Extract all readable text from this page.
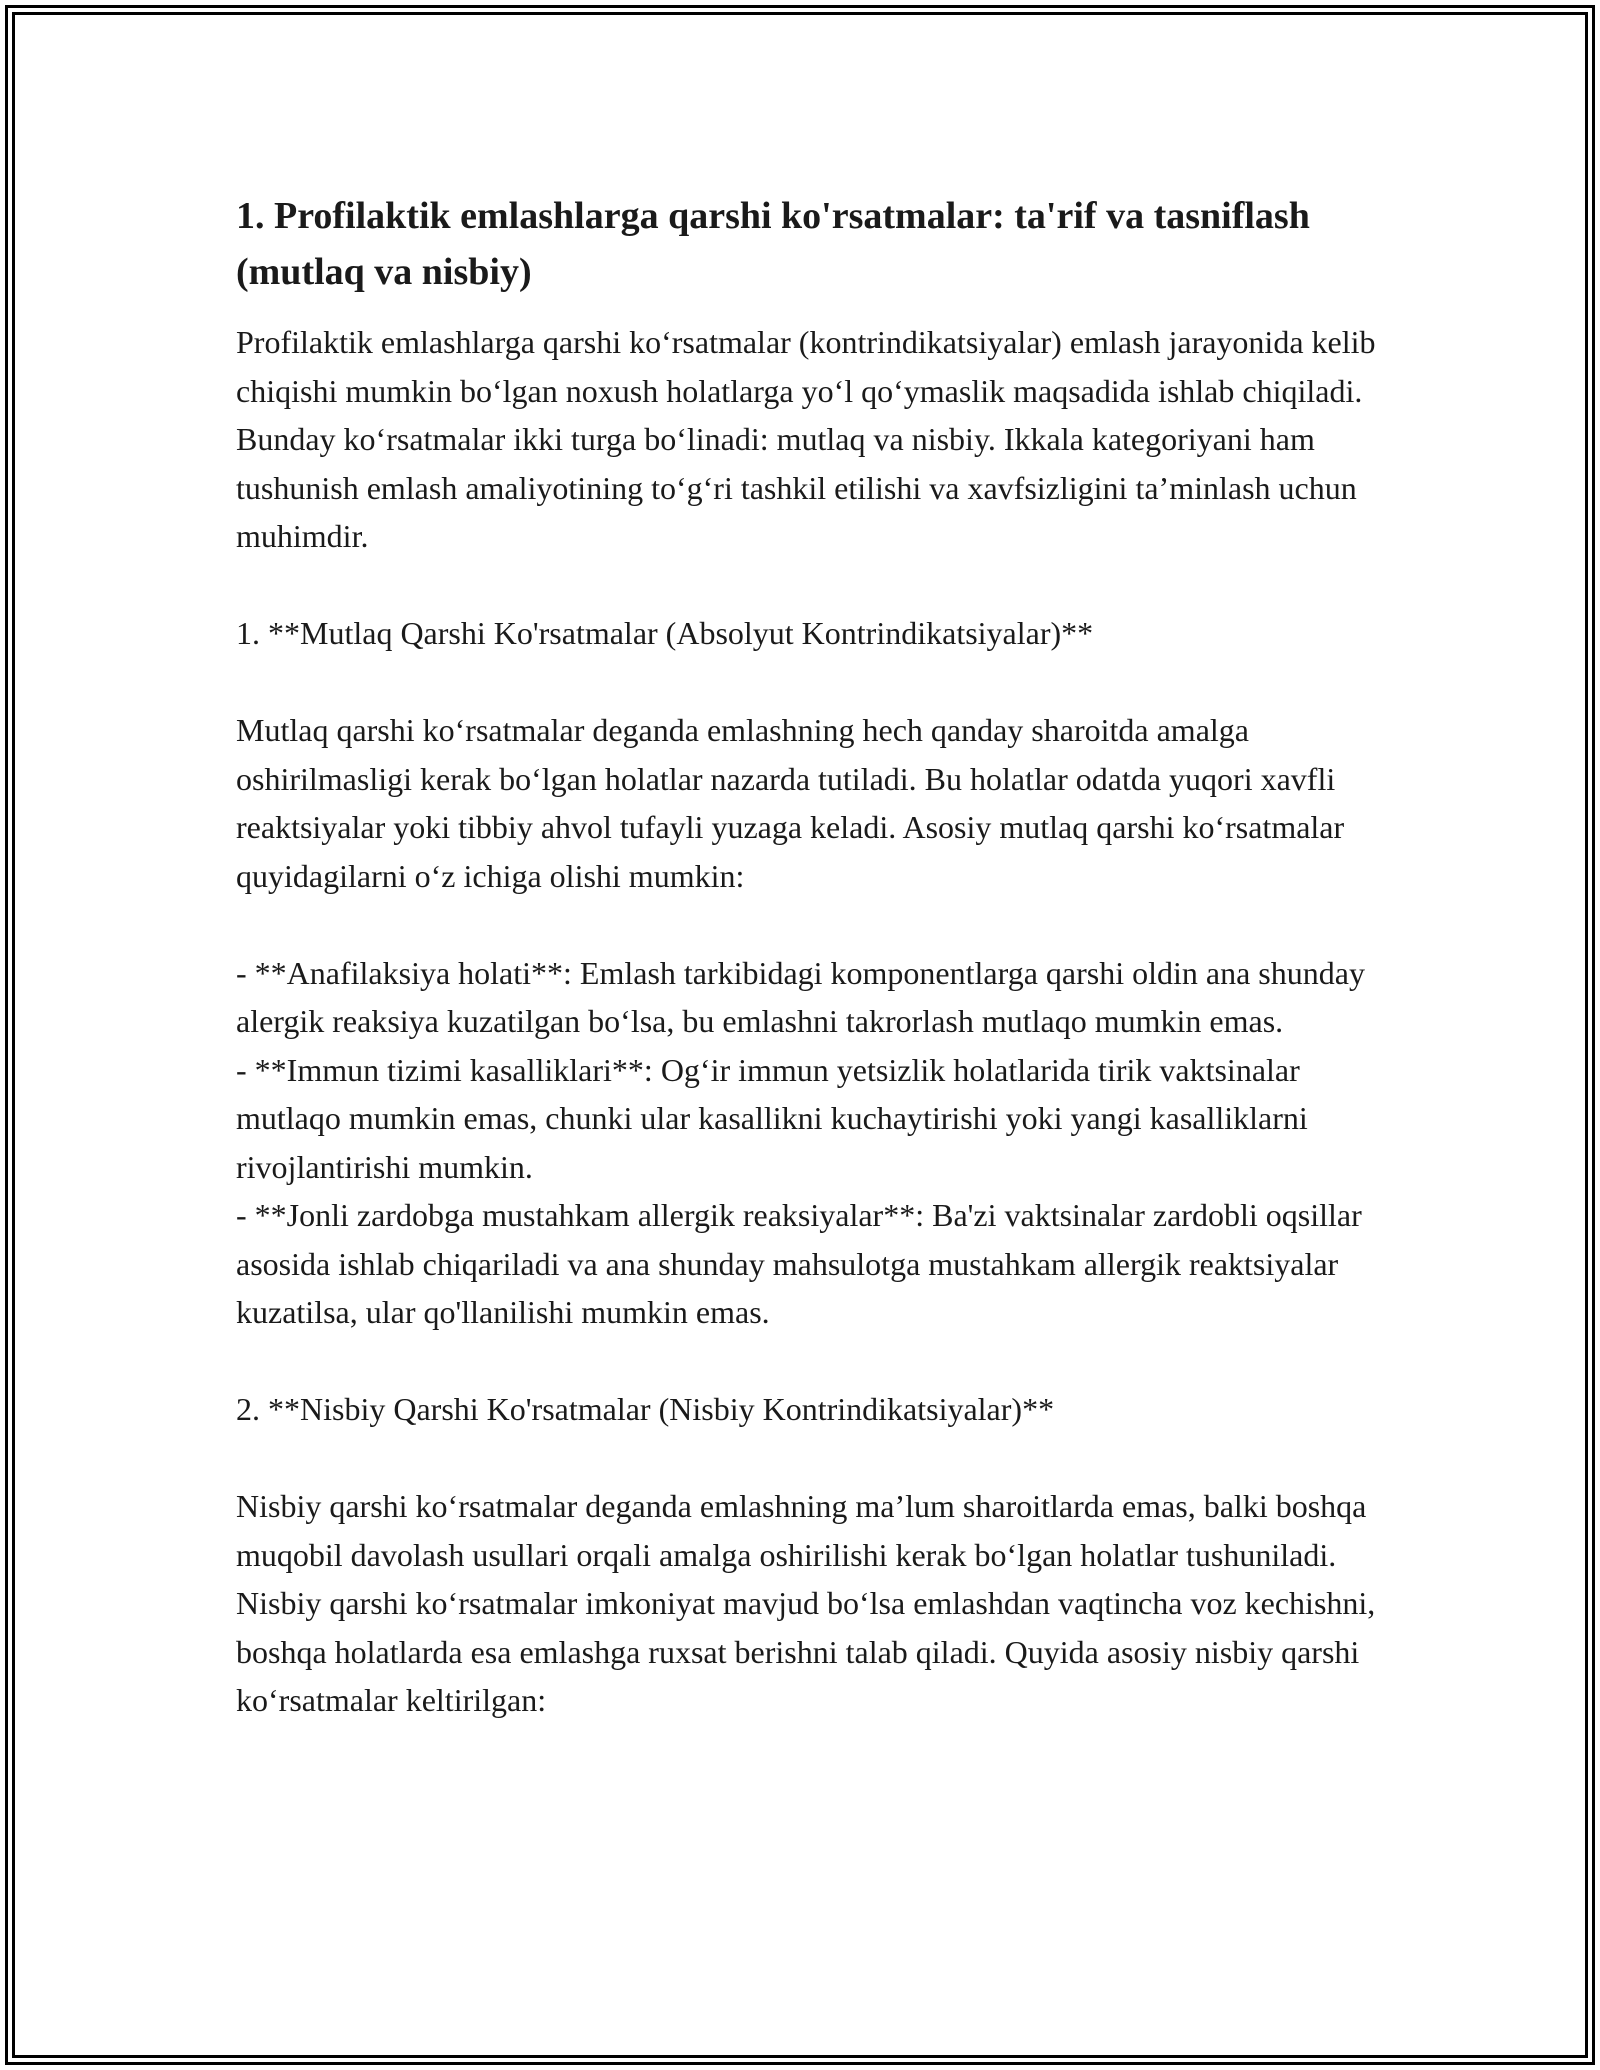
1. Profilaktik emlashlarga qarshi ko'rsatmalar: ta'rif va tasniflash (mutlaq va nisbiy)

Profilaktik emlashlarga qarshi ko‘rsatmalar (kontrindikatsiyalar) emlash jarayonida kelib chiqishi mumkin bo‘lgan noxush holatlarga yo‘l qo‘ymaslik maqsadida ishlab chiqiladi. Bunday ko‘rsatmalar ikki turga bo‘linadi: mutlaq va nisbiy. Ikkala kategoriyani ham tushunish emlash amaliyotining to‘g‘ri tashkil etilishi va xavfsizligini ta’minlash uchun muhimdir.

1. **Mutlaq Qarshi Ko'rsatmalar (Absolyut Kontrindikatsiyalar)**

Mutlaq qarshi ko‘rsatmalar deganda emlashning hech qanday sharoitda amalga oshirilmasligi kerak bo‘lgan holatlar nazarda tutiladi. Bu holatlar odatda yuqori xavfli reaktsiyalar yoki tibbiy ahvol tufayli yuzaga keladi. Asosiy mutlaq qarshi ko‘rsatmalar quyidagilarni o‘z ichiga olishi mumkin:

- **Anafilaksiya holati**: Emlash tarkibidagi komponentlarga qarshi oldin ana shunday alergik reaksiya kuzatilgan bo‘lsa, bu emlashni takrorlash mutlaqo mumkin emas.

- **Immun tizimi kasalliklari**: Og‘ir immun yetsizlik holatlarida tirik vaktsinalar mutlaqo mumkin emas, chunki ular kasallikni kuchaytirishi yoki yangi kasalliklarni rivojlantirishi mumkin.

- **Jonli zardobga mustahkam allergik reaksiyalar**: Ba'zi vaktsinalar zardobli oqsillar asosida ishlab chiqariladi va ana shunday mahsulotga mustahkam allergik reaktsiyalar kuzatilsa, ular qo'llanilishi mumkin emas.

2. **Nisbiy Qarshi Ko'rsatmalar (Nisbiy Kontrindikatsiyalar)**

Nisbiy qarshi ko‘rsatmalar deganda emlashning ma’lum sharoitlarda emas, balki boshqa muqobil davolash usullari orqali amalga oshirilishi kerak bo‘lgan holatlar tushuniladi. Nisbiy qarshi ko‘rsatmalar imkoniyat mavjud bo‘lsa emlashdan vaqtincha voz kechishni, boshqa holatlarda esa emlashga ruxsat berishni talab qiladi. Quyida asosiy nisbiy qarshi ko‘rsatmalar keltirilgan:
